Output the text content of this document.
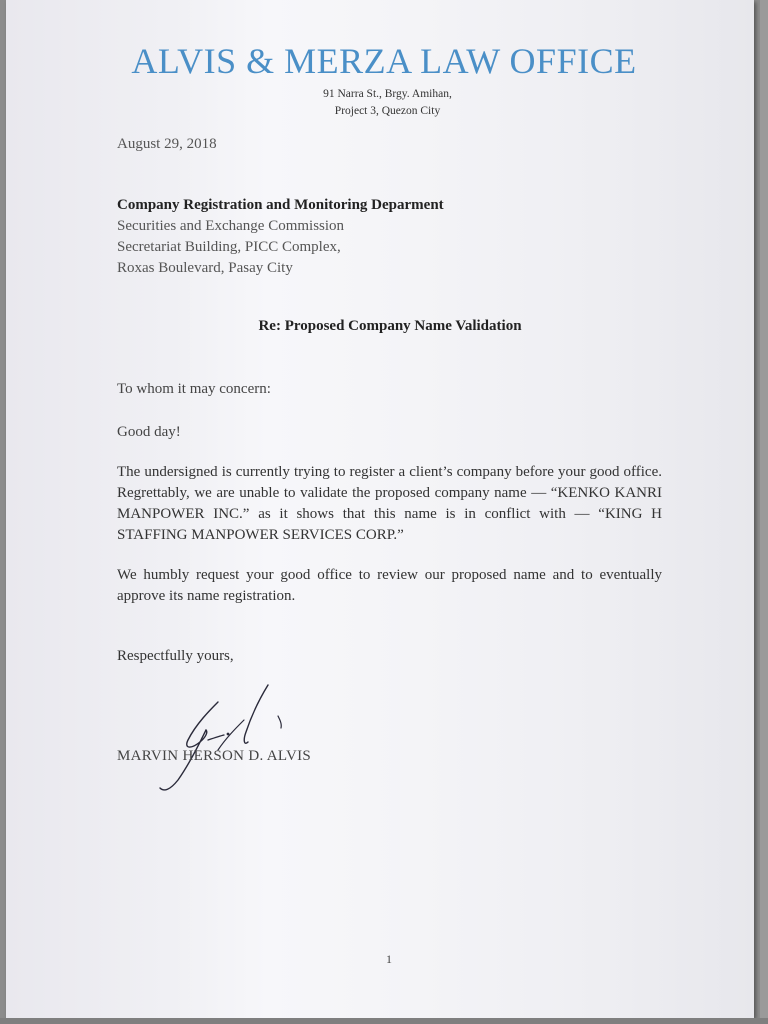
ALVIS & MERZA LAW OFFICE
91 Narra St., Brgy. Amihan,
Project 3, Quezon City
August 29, 2018
Company Registration and Monitoring Deparment
Securities and Exchange Commission
Secretariat Building, PICC Complex,
Roxas Boulevard, Pasay City
Re: Proposed Company Name Validation
To whom it may concern:
Good day!
The undersigned is currently trying to register a client’s company before your good office. Regrettably, we are unable to validate the proposed company name — “KENKO KANRI MANPOWER INC.” as it shows that this name is in conflict with — “KING H STAFFING MANPOWER SERVICES CORP.”
We humbly request your good office to review our proposed name and to eventually approve its name registration.
Respectfully yours,
MARVIN HERSON D. ALVIS
1
